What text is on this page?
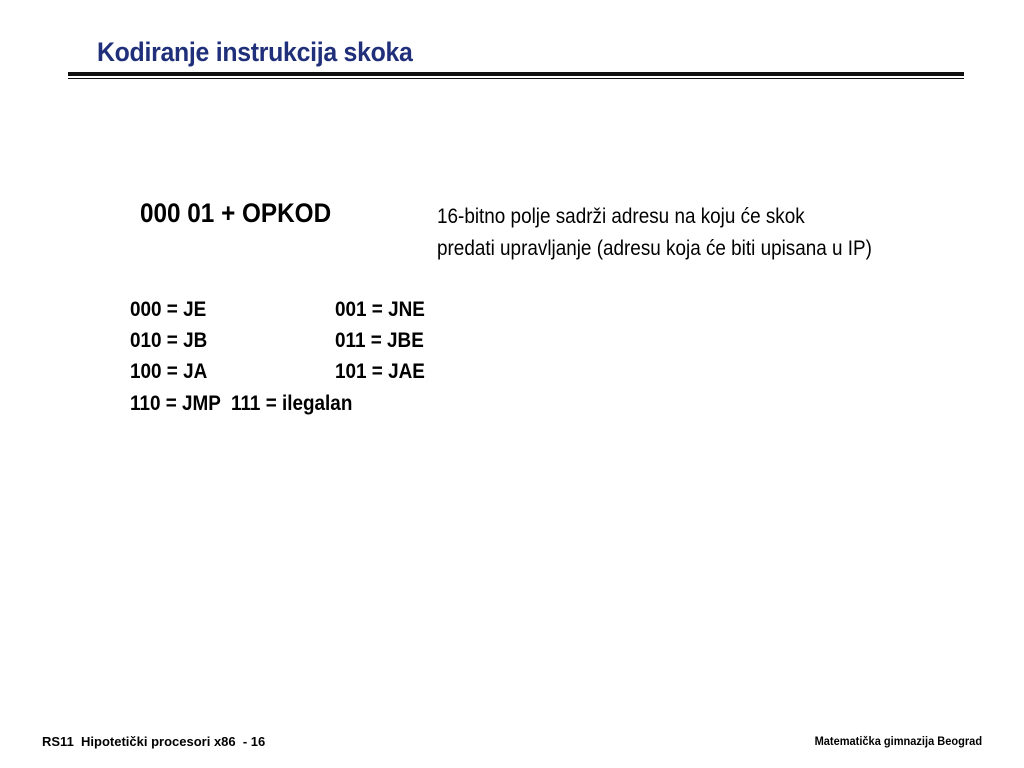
Kodiranje instrukcija skoka
000 01 + OPKOD	16-bitno polje sadrži adresu na koju će skok
predati upravljanje (adresu koja će biti upisana u IP)
000 = JE	001 = JNE
010 = JB	011 = JBE
100 = JA	101 = JAE
110 = JMP 111 = ilegalan
RS11  Hipotetički procesori x86  - 16	Matematička gimnazija Beograd
